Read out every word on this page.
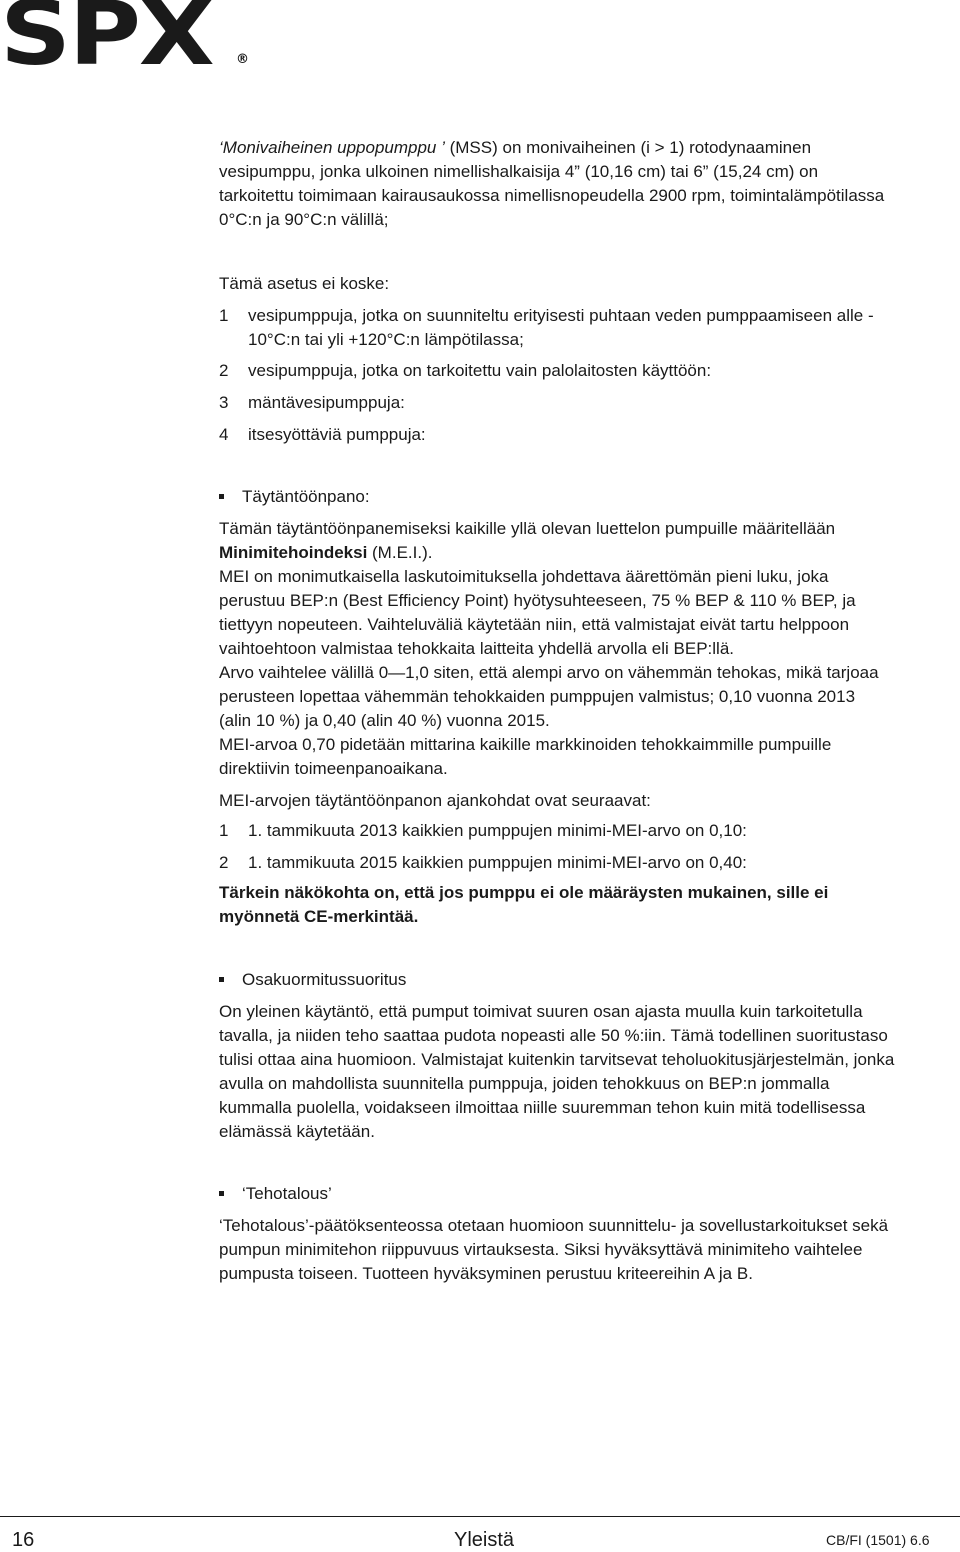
SPX ®
‘Monivaiheinen uppopumppu ’ (MSS) on monivaiheinen (i > 1) rotodynaaminen
vesipumppu, jonka ulkoinen nimellishalkaisija 4” (10,16 cm) tai 6” (15,24 cm) on
tarkoitettu toimimaan kairausaukossa nimellisnopeudella 2900 rpm, toimintalämpötilassa
0°C:n ja 90°C:n välillä;
Tämä asetus ei koske:
1 vesipumppuja, jotka on suunniteltu erityisesti puhtaan veden pumppaamiseen alle -
10°C:n tai yli +120°C:n lämpötilassa;
2 vesipumppuja, jotka on tarkoitettu vain palolaitosten käyttöön:
3 mäntävesipumppuja:
4 itsesyöttäviä pumppuja:
Täytäntöönpano:
Tämän täytäntöönpanemiseksi kaikille yllä olevan luettelon pumpuille määritellään
Minimitehoindeksi (M.E.I.).
MEI on monimutkaisella laskutoimituksella johdettava äärettömän pieni luku, joka
perustuu BEP:n (Best Efficiency Point) hyötysuhteeseen, 75 % BEP & 110 % BEP, ja
tiettyyn nopeuteen. Vaihteluväliä käytetään niin, että valmistajat eivät tartu helppoon
vaihtoehtoon valmistaa tehokkaita laitteita yhdellä arvolla eli BEP:llä.
Arvo vaihtelee välillä 0—1,0 siten, että alempi arvo on vähemmän tehokas, mikä tarjoaa
perusteen lopettaa vähemmän tehokkaiden pumppujen valmistus; 0,10 vuonna 2013
(alin 10 %) ja 0,40 (alin 40 %) vuonna 2015.
MEI-arvoa 0,70 pidetään mittarina kaikille markkinoiden tehokkaimmille pumpuille
direktiivin toimeenpanoaikana.
MEI-arvojen täytäntöönpanon ajankohdat ovat seuraavat:
1 1. tammikuuta 2013 kaikkien pumppujen minimi-MEI-arvo on 0,10:
2 1. tammikuuta 2015 kaikkien pumppujen minimi-MEI-arvo on 0,40:
Tärkein näkökohta on, että jos pumppu ei ole määräysten mukainen, sille ei
myönnetä CE-merkintää.
Osakuormitussuoritus
On yleinen käytäntö, että pumput toimivat suuren osan ajasta muulla kuin tarkoitetulla
tavalla, ja niiden teho saattaa pudota nopeasti alle 50 %:iin. Tämä todellinen suoritustaso
tulisi ottaa aina huomioon. Valmistajat kuitenkin tarvitsevat teholuokitusjärjestelmän, jonka
avulla on mahdollista suunnitella pumppuja, joiden tehokkuus on BEP:n jommalla
kummalla puolella, voidakseen ilmoittaa niille suuremman tehon kuin mitä todellisessa
elämässä käytetään.
‘Tehotalous’
‘Tehotalous’-päätöksenteossa otetaan huomioon suunnittelu- ja sovellustarkoitukset sekä
pumpun minimitehon riippuvuus virtauksesta. Siksi hyväksyttävä minimiteho vaihtelee
pumpusta toiseen. Tuotteen hyväksyminen perustuu kriteereihin A ja B.
16	Yleistä	CB/FI (1501) 6.6
